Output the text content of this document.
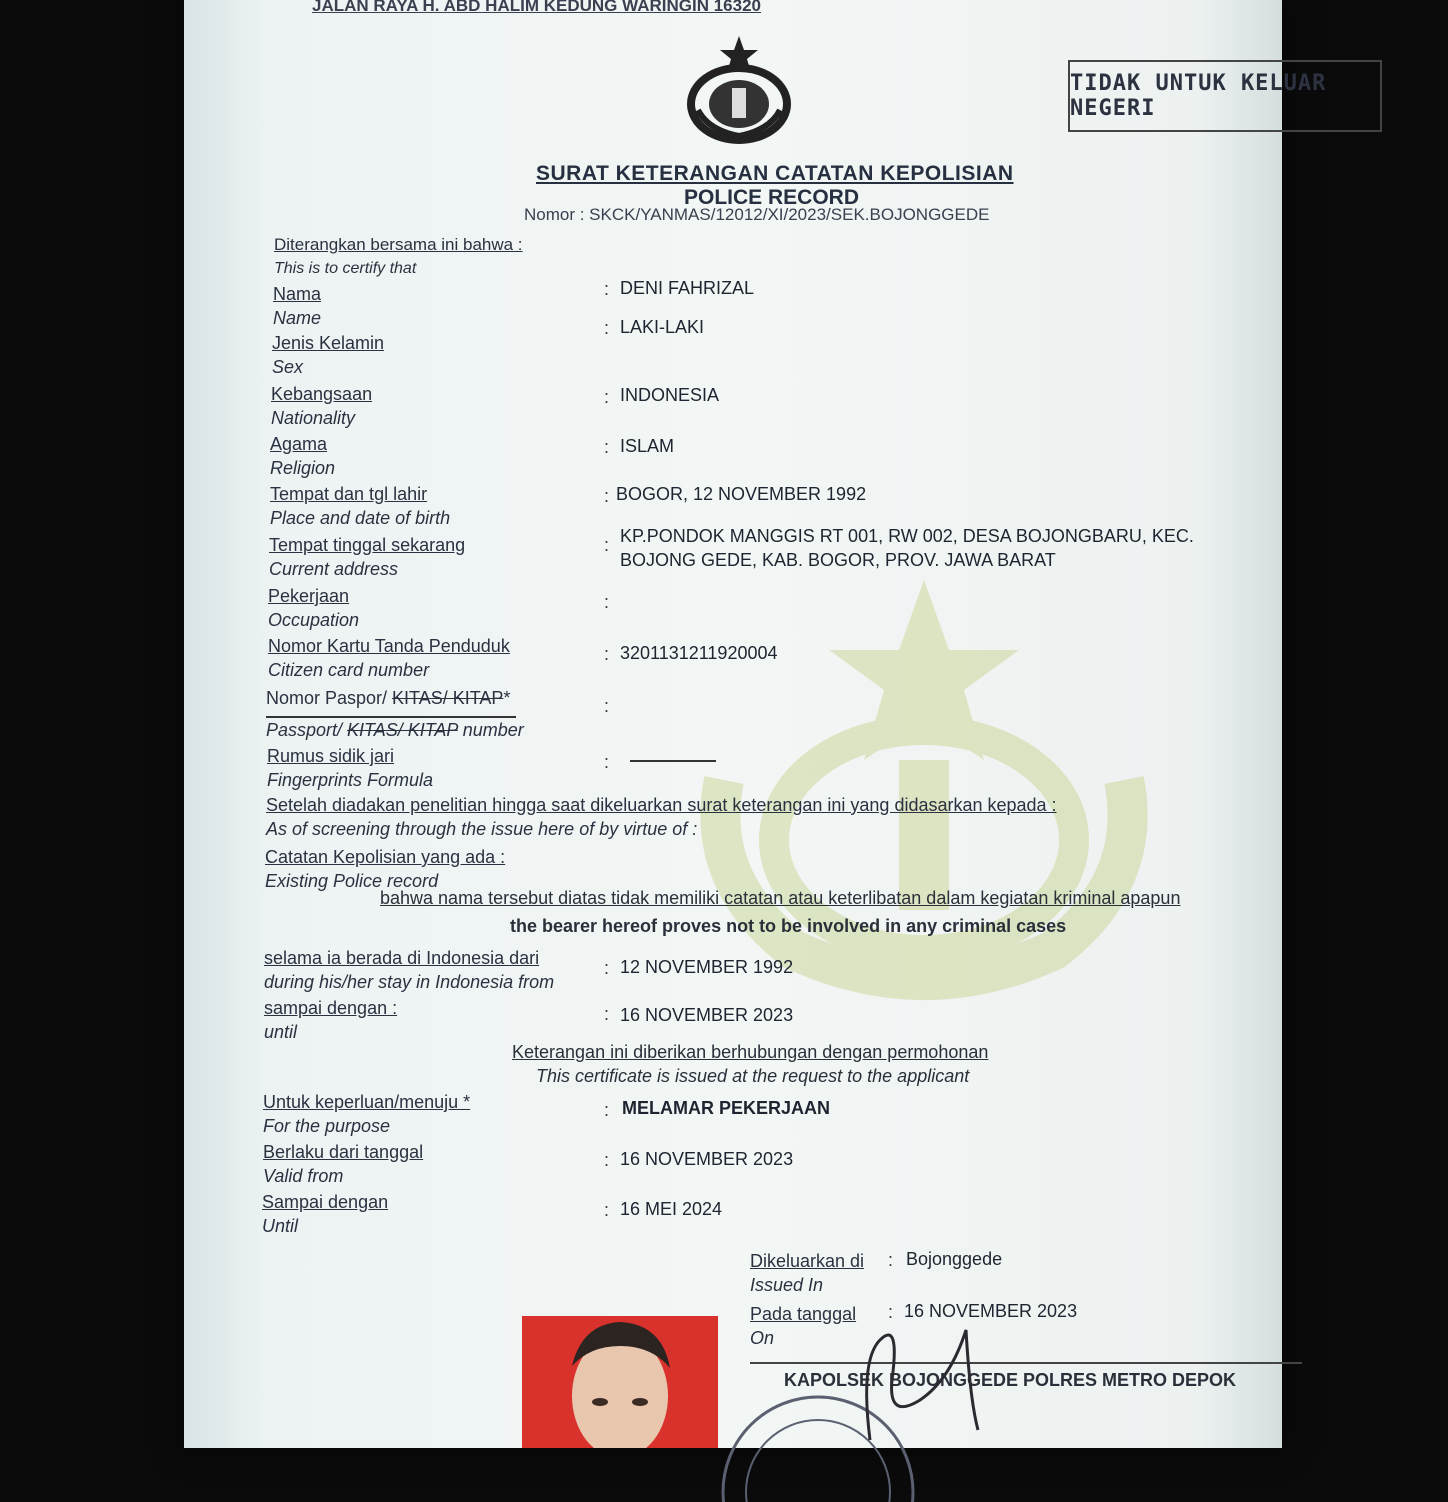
JALAN RAYA H. ABD HALIM KEDUNG WARINGIN 16320
TIDAK UNTUK KELUAR NEGERI
SURAT KETERANGAN CATATAN KEPOLISIAN
POLICE RECORD
Nomor : SKCK/YANMAS/12012/XI/2023/SEK.BOJONGGEDE
Diterangkan bersama ini bahwa :
This is to certify that
Nama
Name
: DENI FAHRIZAL
Jenis Kelamin
Sex
: LAKI-LAKI
Kebangsaan
Nationality
: INDONESIA
Agama
Religion
: ISLAM
Tempat dan tgl lahir
Place and date of birth
: BOGOR, 12 NOVEMBER 1992
Tempat tinggal sekarang
Current address
: KP.PONDOK MANGGIS RT 001, RW 002, DESA BOJONGBARU, KEC.
BOJONG GEDE, KAB. BOGOR, PROV. JAWA BARAT
Pekerjaan
Occupation
:
Nomor Kartu Tanda Penduduk
Citizen card number
: 3201131211920004
Nomor Paspor/ KITAS/ KITAP*
Passport/ KITAS/ KITAP number
:
Rumus sidik jari
Fingerprints Formula
:
Setelah diadakan penelitian hingga saat dikeluarkan surat keterangan ini yang didasarkan kepada :
As of screening through the issue here of by virtue of :
Catatan Kepolisian yang ada :
Existing Police record
bahwa nama tersebut diatas tidak memiliki catatan atau keterlibatan dalam kegiatan kriminal apapun
the bearer hereof proves not to be involved in any criminal cases
selama ia berada di Indonesia dari
during his/her stay in Indonesia from
: 12 NOVEMBER 1992
sampai dengan :
until
: 16 NOVEMBER 2023
Keterangan ini diberikan berhubungan dengan permohonan
This certificate is issued at the request to the applicant
Untuk keperluan/menuju *
For the purpose
: MELAMAR PEKERJAAN
Berlaku dari tanggal
Valid from
: 16 NOVEMBER 2023
Sampai dengan
Until
: 16 MEI 2024
Dikeluarkan di
Issued In
: Bojonggede
Pada tanggal
On
: 16 NOVEMBER 2023
KAPOLSEK BOJONGGEDE POLRES METRO DEPOK
